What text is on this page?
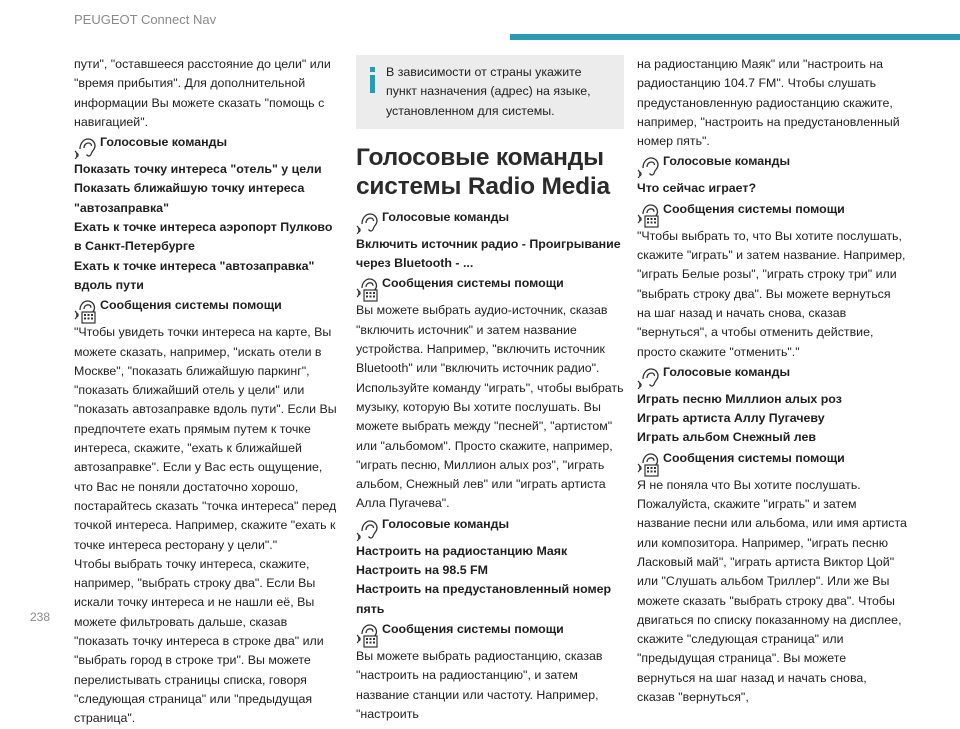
PEUGEOT Connect Nav

пути", "оставшееся расстояние до цели" или "время прибытия". Для дополнительной информации Вы можете сказать "помощь с навигацией".

Голосовые команды

Показать точку интереса "отель" у цели

Показать ближайшую точку интереса "автозаправка"

Ехать к точке интереса аэропорт Пулково в Санкт-Петербурге

Ехать к точке интереса "автозаправка" вдоль пути

Сообщения системы помощи

"Чтобы увидеть точки интереса на карте, Вы можете сказать, например, "искать отели в Москве", "показать ближайшую паркинг", "показать ближайший отель у цели" или "показать автозаправке вдоль пути". Если Вы предпочтете ехать прямым путем к точке интереса, скажите, "ехать к ближайшей автозаправке". Если у Вас есть ощущение, что Вас не поняли достаточно хорошо, постарайтесь сказать "точка интереса" перед точкой интереса. Например, скажите "ехать к точке интереса ресторану у цели"."

Чтобы выбрать точку интереса, скажите, например, "выбрать строку два". Если Вы искали точку интереса и не нашли её, Вы можете фильтровать дальше, сказав "показать точку интереса в строке два" или "выбрать город в строке три". Вы можете перелистывать страницы списка, говоря "следующая страница" или "предыдущая страница".

В зависимости от страны укажите пункт назначения (адрес) на языке, установленном для системы.

Голосовые команды системы Radio Media
Голосовые команды

Включить источник радио - Проигрывание через Bluetooth - ...

Сообщения системы помощи

Вы можете выбрать аудио-источник, сказав "включить источник" и затем название устройства. Например, "включить источник Bluetooth" или "включить источник радио". Используйте команду "играть", чтобы выбрать музыку, которую Вы хотите послушать. Вы можете выбрать между "песней", "артистом" или "альбомом". Просто скажите, например, "играть песню, Миллион алых роз", "играть альбом, Снежный лев" или "играть артиста Алла Пугачева".

Голосовые команды

Настроить на радиостанцию Маяк

Настроить на 98.5 FM

Настроить на предустановленный номер пять

Сообщения системы помощи

Вы можете выбрать радиостанцию, сказав "настроить на радиостанцию", и затем название станции или частоту. Например, "настроить

на радиостанцию Маяк" или "настроить на радиостанцию 104.7 FM". Чтобы слушать предустановленную радиостанцию скажите, например, "настроить на предустановленный номер пять".

Голосовые команды

Что сейчас играет?

Сообщения системы помощи

"Чтобы выбрать то, что Вы хотите послушать, скажите "играть" и затем название. Например, "играть Белые розы", "играть строку три" или "выбрать строку два". Вы можете вернуться на шаг назад и начать снова, сказав "вернуться", а чтобы отменить действие, просто скажите "отменить"."

Голосовые команды

Играть песню Миллион алых роз

Играть артиста Аллу Пугачеву

Играть альбом Снежный лев

Сообщения системы помощи

Я не поняла что Вы хотите послушать. Пожалуйста, скажите "играть" и затем название песни или альбома, или имя артиста или композитора. Например, "играть песню Ласковый май", "играть артиста Виктор Цой" или "Слушать альбом Триллер". Или же Вы можете сказать "выбрать строку два". Чтобы двигаться по списку показанному на дисплее, скажите "следующая страница" или "предыдущая страница". Вы можете вернуться на шаг назад и начать снова, сказав "вернуться",

238
